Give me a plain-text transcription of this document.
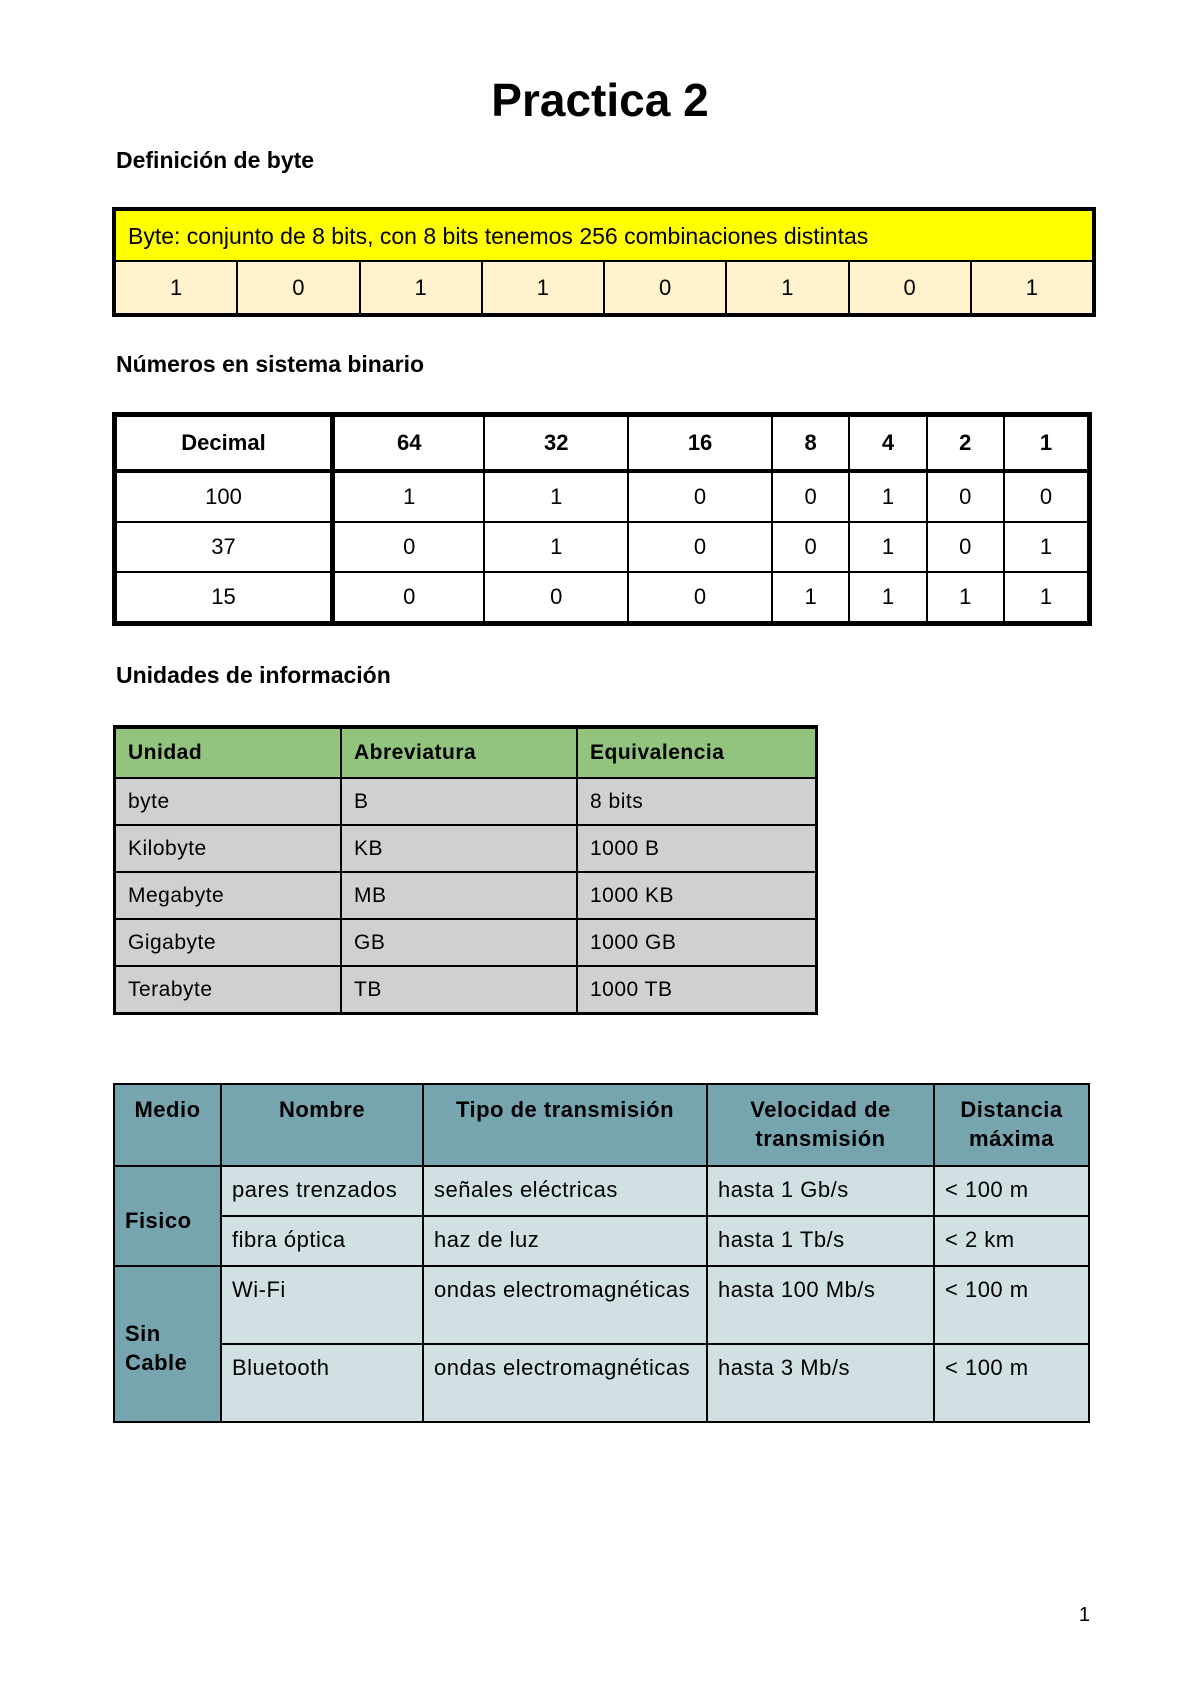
Practica 2
Definición de byte
Byte: conjunto de 8 bits, con 8 bits tenemos 256 combinaciones distintas
1	0	1	1	0	1	0	1
Números en sistema binario
Decimal	64	32	16	8	4	2	1
100	1	1	0	0	1	0	0
37	0	1	0	0	1	0	1
15	0	0	0	1	1	1	1
Unidades de información
Unidad	Abreviatura	Equivalencia
byte	B	8 bits
Kilobyte	KB	1000 B
Megabyte	MB	1000 KB
Gigabyte	GB	1000 GB
Terabyte	TB	1000 TB
Medio	Nombre	Tipo de transmisión	Velocidad de transmisión	Distancia máxima
Fisico	pares trenzados	señales eléctricas	hasta 1 Gb/s	< 100 m
	fibra óptica	haz de luz	hasta 1 Tb/s	< 2 km
Sin Cable	Wi-Fi	ondas electromagnéticas	hasta 100 Mb/s	< 100 m
	Bluetooth	ondas electromagnéticas	hasta 3 Mb/s	< 100 m
1
